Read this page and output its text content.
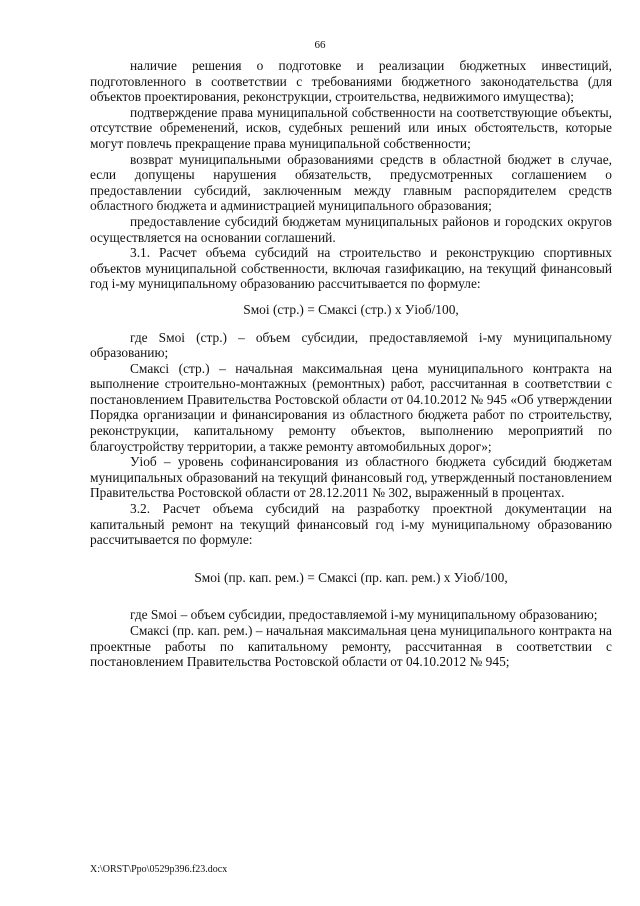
66

наличие решения о подготовке и реализации бюджетных инвестиций, подготовленного в соответствии с требованиями бюджетного законодательства (для объектов проектирования, реконструкции, строительства, недвижимого имущества);

подтверждение права муниципальной собственности на соответствующие объекты, отсутствие обременений, исков, судебных решений или иных обстоятельств, которые могут повлечь прекращение права муниципальной собственности;

возврат муниципальными образованиями средств в областной бюджет в случае, если допущены нарушения обязательств, предусмотренных соглашением о предоставлении субсидий, заключенным между главным распорядителем средств областного бюджета и администрацией муниципального образования;

предоставление субсидий бюджетам муниципальных районов и городских округов осуществляется на основании соглашений.

3.1. Расчет объема субсидий на строительство и реконструкцию спортивных объектов муниципальной собственности, включая газификацию, на текущий финансовый год i-му муниципальному образованию рассчитывается по формуле:

Sмoi (стр.) = Смаксi (стр.) х Уiоб/100,

где Sмoi (стр.) – объем субсидии, предоставляемой i-му муниципальному образованию;

Смаксi (стр.) – начальная максимальная цена муниципального контракта на выполнение строительно-монтажных (ремонтных) работ, рассчитанная в соответствии с постановлением Правительства Ростовской области от 04.10.2012 № 945 «Об утверждении Порядка организации и финансирования из областного бюджета работ по строительству, реконструкции, капитальному ремонту объектов, выполнению мероприятий по благоустройству территории, а также ремонту автомобильных дорог»;

Уiоб – уровень софинансирования из областного бюджета субсидий бюджетам муниципальных образований на текущий финансовый год, утвержденный постановлением Правительства Ростовской области от 28.12.2011 № 302, выраженный в процентах.

3.2. Расчет объема субсидий на разработку проектной документации на капитальный ремонт на текущий финансовый год i-му муниципальному образованию рассчитывается по формуле:

Sмoi (пр. кап. рем.) = Смаксi (пр. кап. рем.) х Уiоб/100,

где Sмoi – объем субсидии, предоставляемой i-му муниципальному образованию;

Смаксi (пр. кап. рем.) – начальная максимальная цена муниципального контракта на проектные работы по капитальному ремонту, рассчитанная в соответствии с постановлением Правительства Ростовской области от 04.10.2012 № 945;

X:\ORST\Ppo\0529p396.f23.docx
